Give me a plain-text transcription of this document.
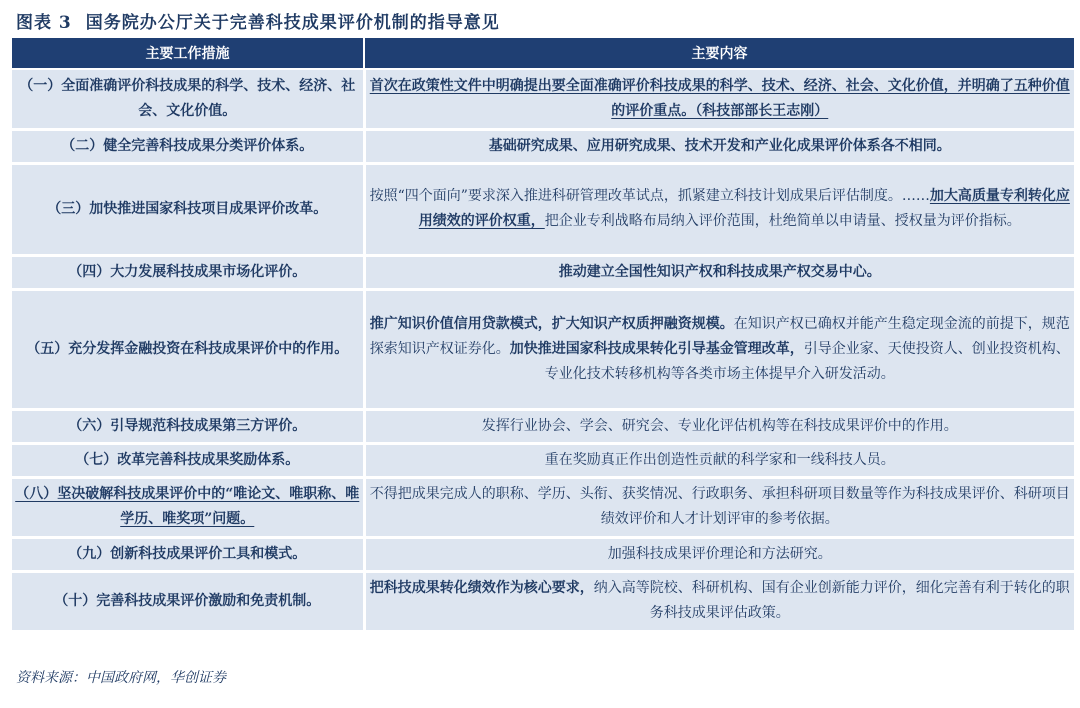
图表 3 国务院办公厅关于完善科技成果评价机制的指导意见
主要工作措施	主要内容
（一）全面准确评价科技成果的科学、技术、经济、社会、文化价值。	首次在政策性文件中明确提出要全面准确评价科技成果的科学、技术、经济、社会、文化价值，并明确了五种价值的评价重点。（科技部部长王志刚）
（二）健全完善科技成果分类评价体系。	基础研究成果、应用研究成果、技术开发和产业化成果评价体系各不相同。
（三）加快推进国家科技项目成果评价改革。	按照“四个面向”要求深入推进科研管理改革试点，抓紧建立科技计划成果后评估制度。……加大高质量专利转化应用绩效的评价权重，把企业专利战略布局纳入评价范围，杜绝简单以申请量、授权量为评价指标。
（四）大力发展科技成果市场化评价。	推动建立全国性知识产权和科技成果产权交易中心。
（五）充分发挥金融投资在科技成果评价中的作用。	推广知识价值信用贷款模式，扩大知识产权质押融资规模。在知识产权已确权并能产生稳定现金流的前提下，规范探索知识产权证券化。加快推进国家科技成果转化引导基金管理改革，引导企业家、天使投资人、创业投资机构、专业化技术转移机构等各类市场主体提早介入研发活动。
（六）引导规范科技成果第三方评价。	发挥行业协会、学会、研究会、专业化评估机构等在科技成果评价中的作用。
（七）改革完善科技成果奖励体系。	重在奖励真正作出创造性贡献的科学家和一线科技人员。
（八）坚决破解科技成果评价中的“唯论文、唯职称、唯学历、唯奖项”问题。	不得把成果完成人的职称、学历、头衔、获奖情况、行政职务、承担科研项目数量等作为科技成果评价、科研项目绩效评价和人才计划评审的参考依据。
（九）创新科技成果评价工具和模式。	加强科技成果评价理论和方法研究。
（十）完善科技成果评价激励和免责机制。	把科技成果转化绩效作为核心要求，纳入高等院校、科研机构、国有企业创新能力评价，细化完善有利于转化的职务科技成果评估政策。
资料来源：中国政府网，华创证券
